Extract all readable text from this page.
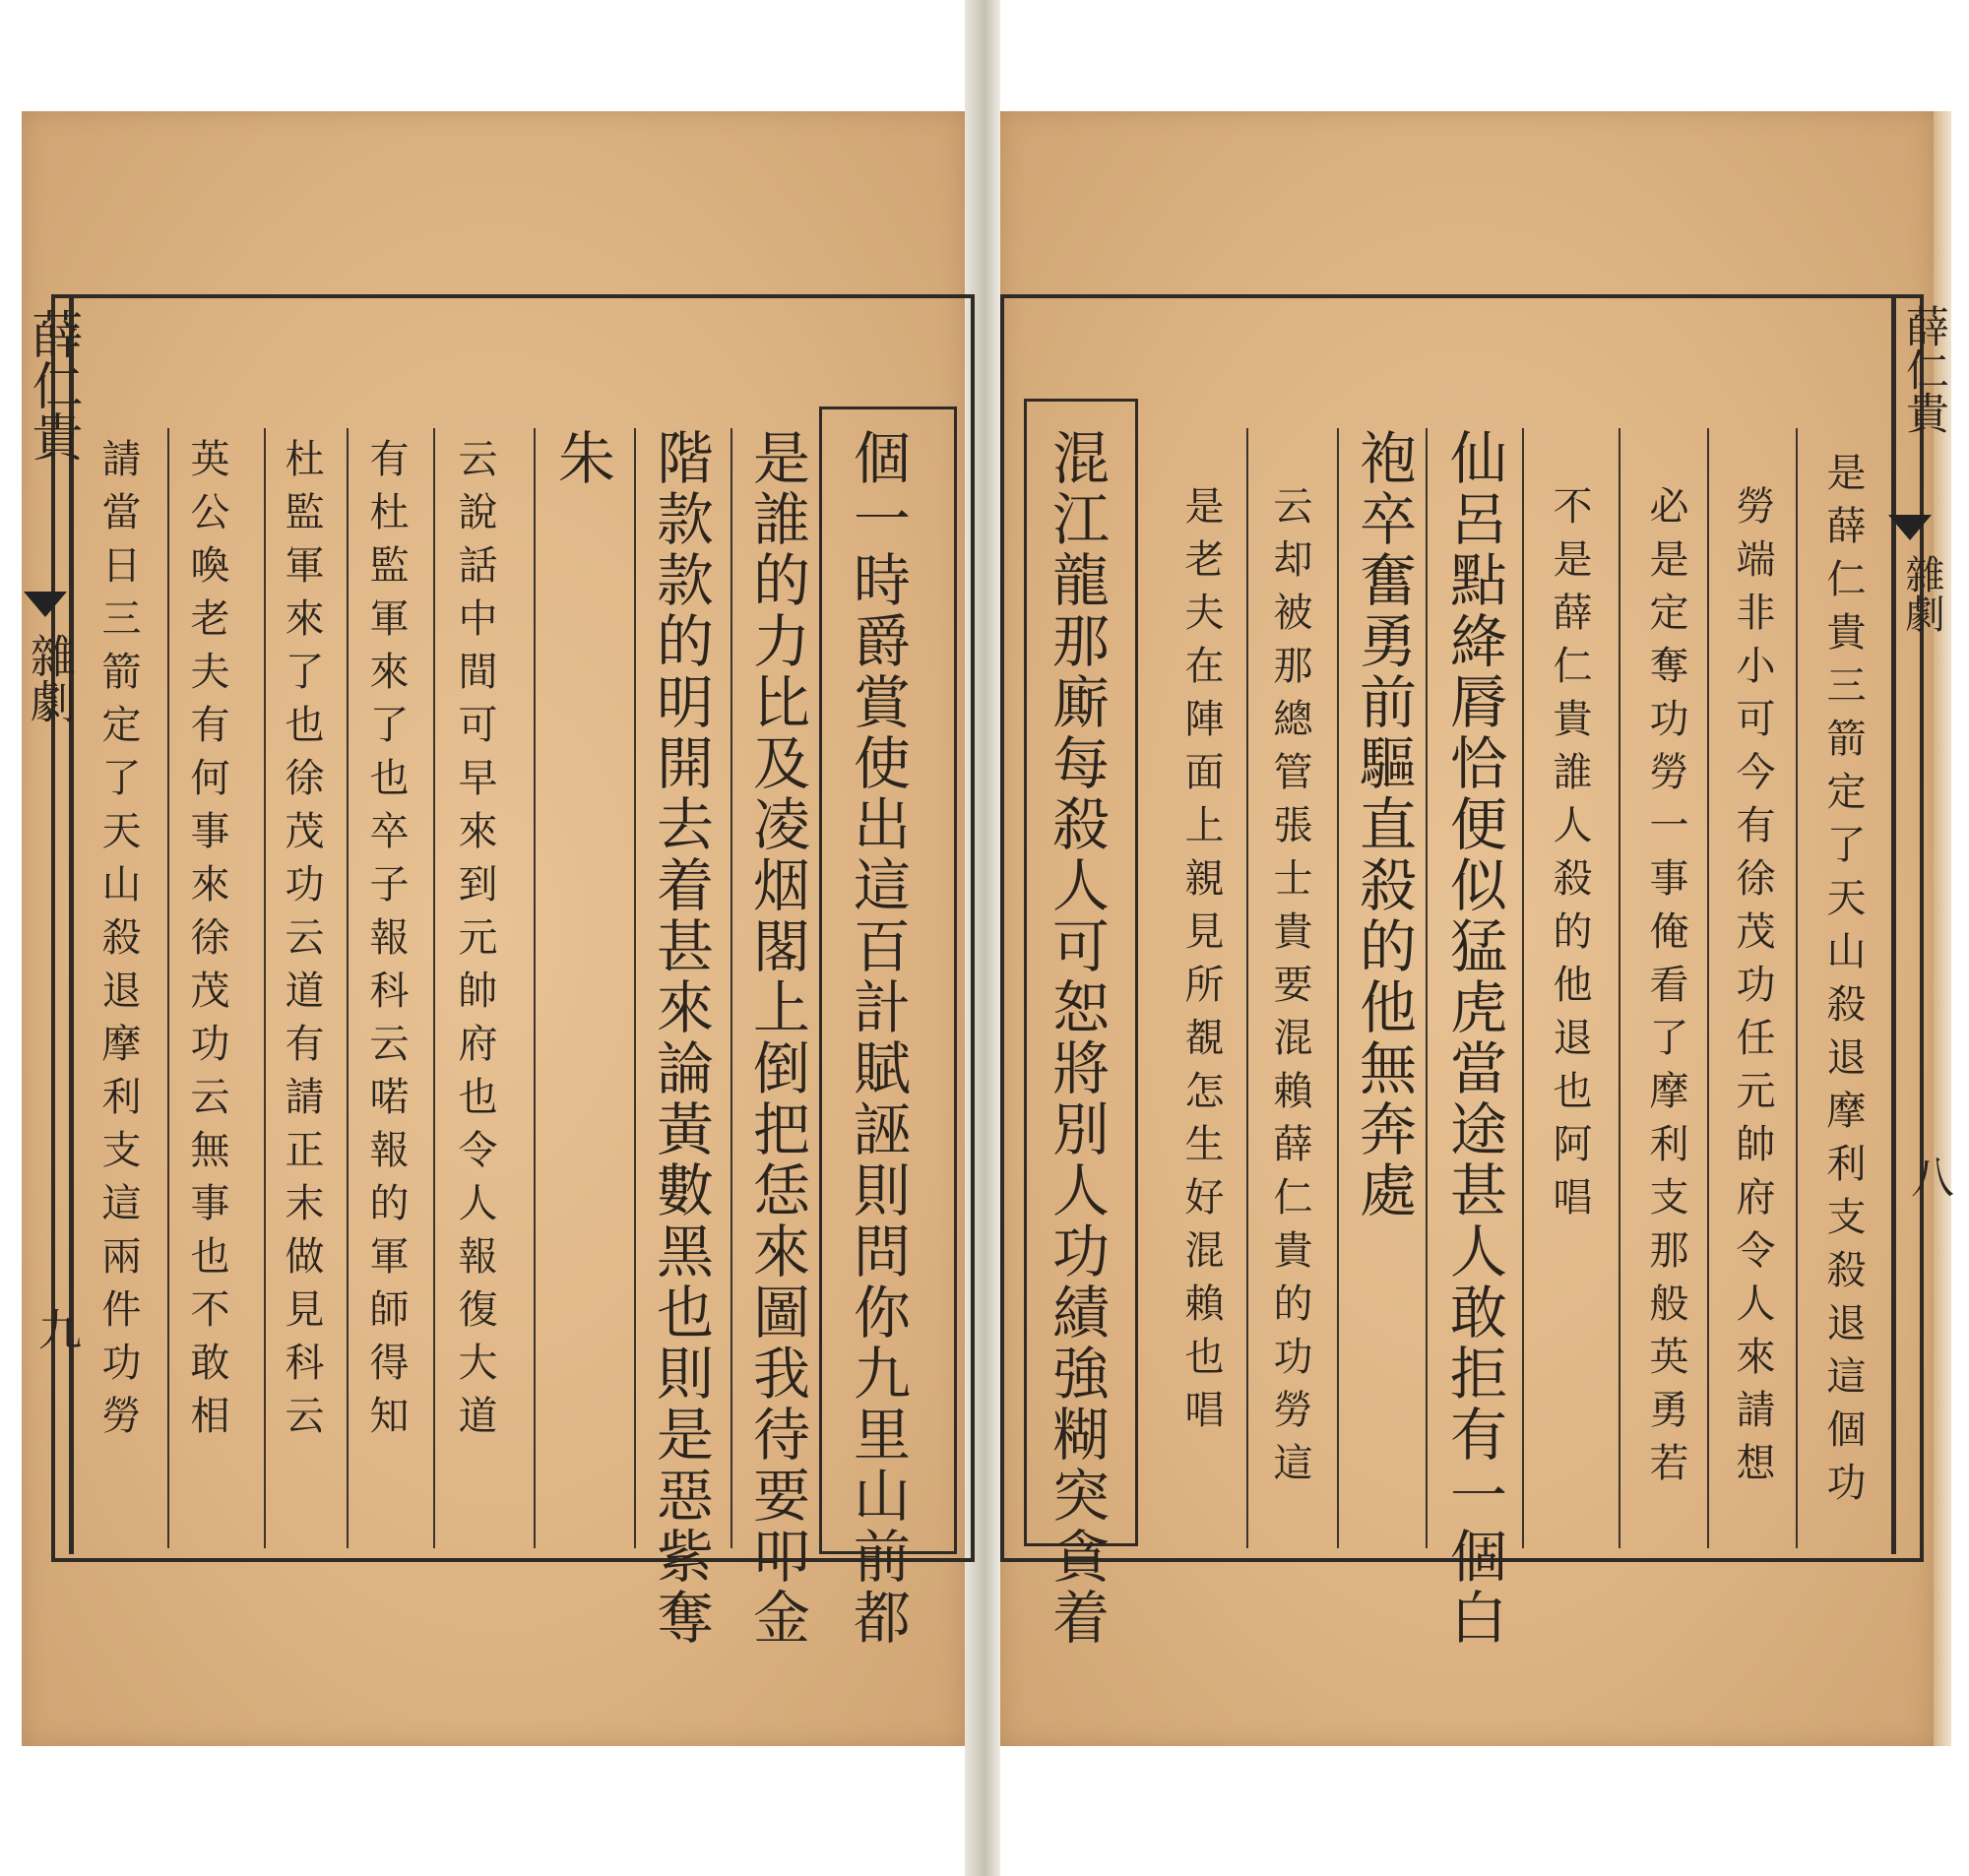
薛仁貴
雜劇
九	個一時爵賞使出這百計賦誣則問你九里山前都
是誰的力比及凌烟閣上倒把恁來圖我待要叩金
階款款的明開去着甚來論黃數黑也則是惡紫奪
朱
云說話中間可早來到元帥府也令人報復大道
有杜監軍來了也卒子報科云喏報的軍師得知
杜監軍來了也徐茂功云道有請正末做見科云
英公喚老夫有何事來徐茂功云無事也不敢相
請當日三箭定了天山殺退摩利支這兩件功勞
薛仁貴
雜劇
八
是薛仁貴三箭定了天山殺退摩利支殺退這個功
勞端非小可今有徐茂功任元帥府令人來請想
必是定奪功勞一事俺看了摩利支那般英勇若
不是薛仁貴誰人殺的他退也阿唱
仙呂點絳脣恰便似猛虎當途甚人敢拒有一個白
袍卒奮勇前驅直殺的他無奔處
云却被那總管張士貴要混賴薛仁貴的功勞這
是老夫在陣面上親見所覩怎生好混賴也唱
混江龍那廝每殺人可恕將別人功績強糊突貪着
